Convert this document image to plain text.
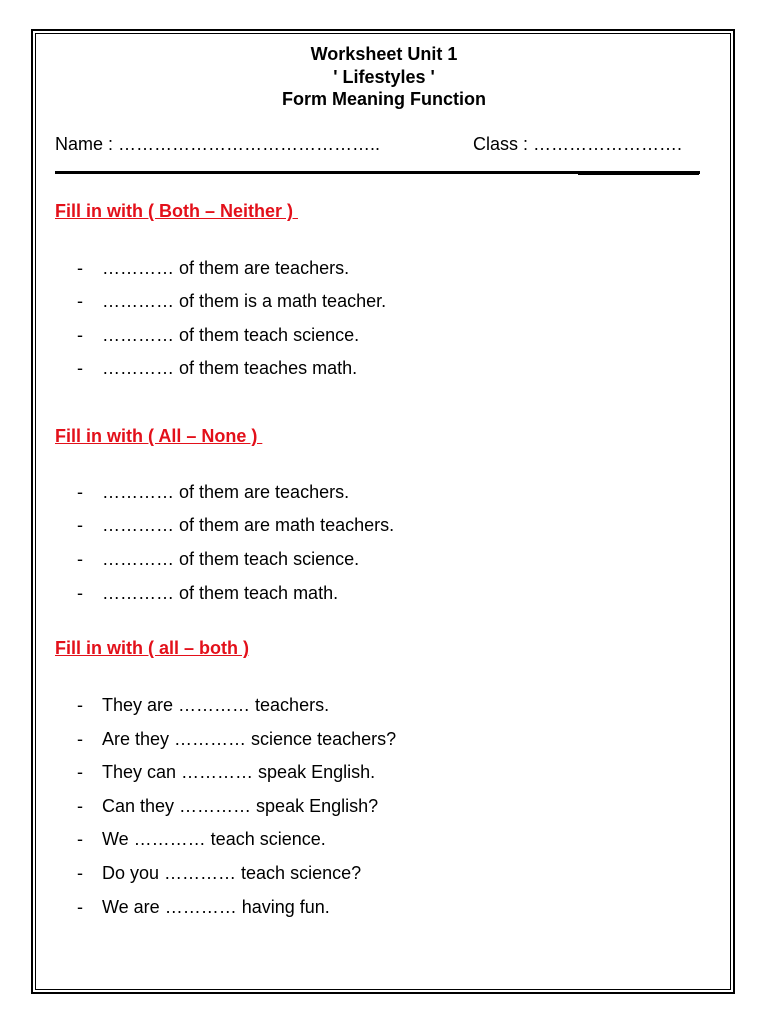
Worksheet Unit 1
' Lifestyles '
Form Meaning Function
Name : ……………………………………..	Class : …………………….
Fill in with ( Both – Neither )
- ………… of them are teachers.
- ………… of them is a math teacher.
- ………… of them teach science.
- ………… of them teaches math.
Fill in with ( All – None )
- ………… of them are teachers.
- ………… of them are math teachers.
- ………… of them teach science.
- ………… of them teach math.
Fill in with ( all – both )
- They are ………… teachers.
- Are they ………… science teachers?
- They can ………… speak English.
- Can they ………… speak English?
- We ………… teach science.
- Do you ………… teach science?
- We are ………… having fun.
